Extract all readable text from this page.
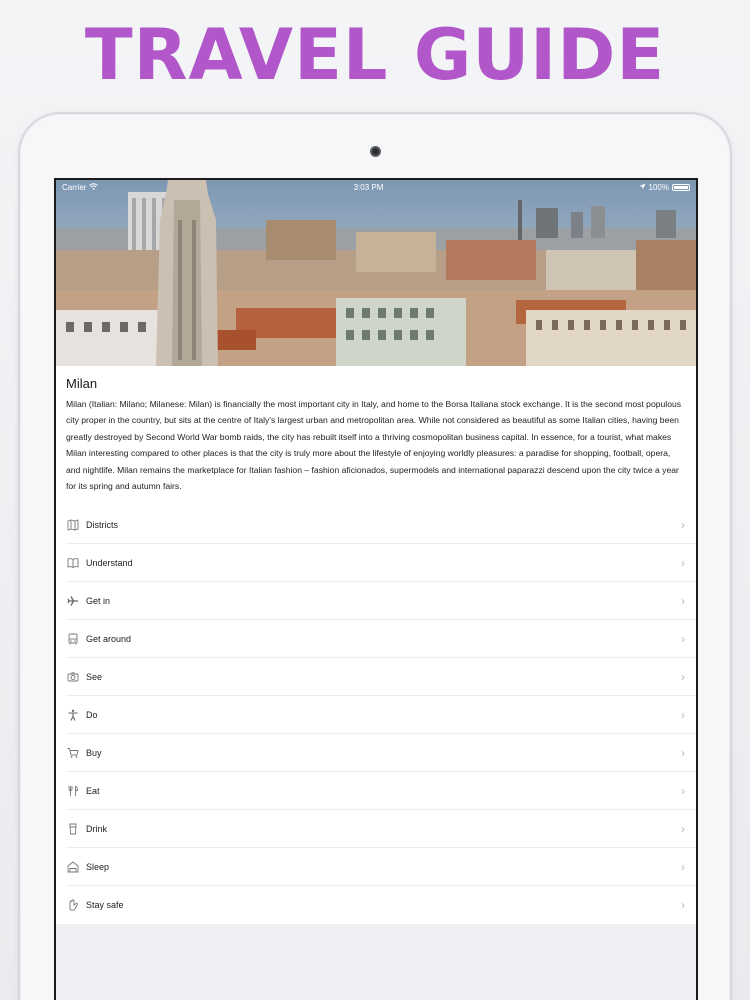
TRAVEL GUIDE
Carrier	3:03 PM	100%
Milan
Milan (Italian: Milano; Milanese: Milan) is financially the most important city in Italy, and home to the Borsa Italiana stock exchange. It is the second most populous city proper in the country, but sits at the centre of Italy's largest urban and metropolitan area. While not considered as beautiful as some Italian cities, having been greatly destroyed by Second World War bomb raids, the city has rebuilt itself into a thriving cosmopolitan business capital. In essence, for a tourist, what makes Milan interesting compared to other places is that the city is truly more about the lifestyle of enjoying worldly pleasures: a paradise for shopping, football, opera, and nightlife. Milan remains the marketplace for Italian fashion – fashion aficionados, supermodels and international paparazzi descend upon the city twice a year for its spring and autumn fairs.
Districts	›
Understand	›
Get in	›
Get around	›
See	›
Do	›
Buy	›
Eat	›
Drink	›
Sleep	›
Stay safe	›
